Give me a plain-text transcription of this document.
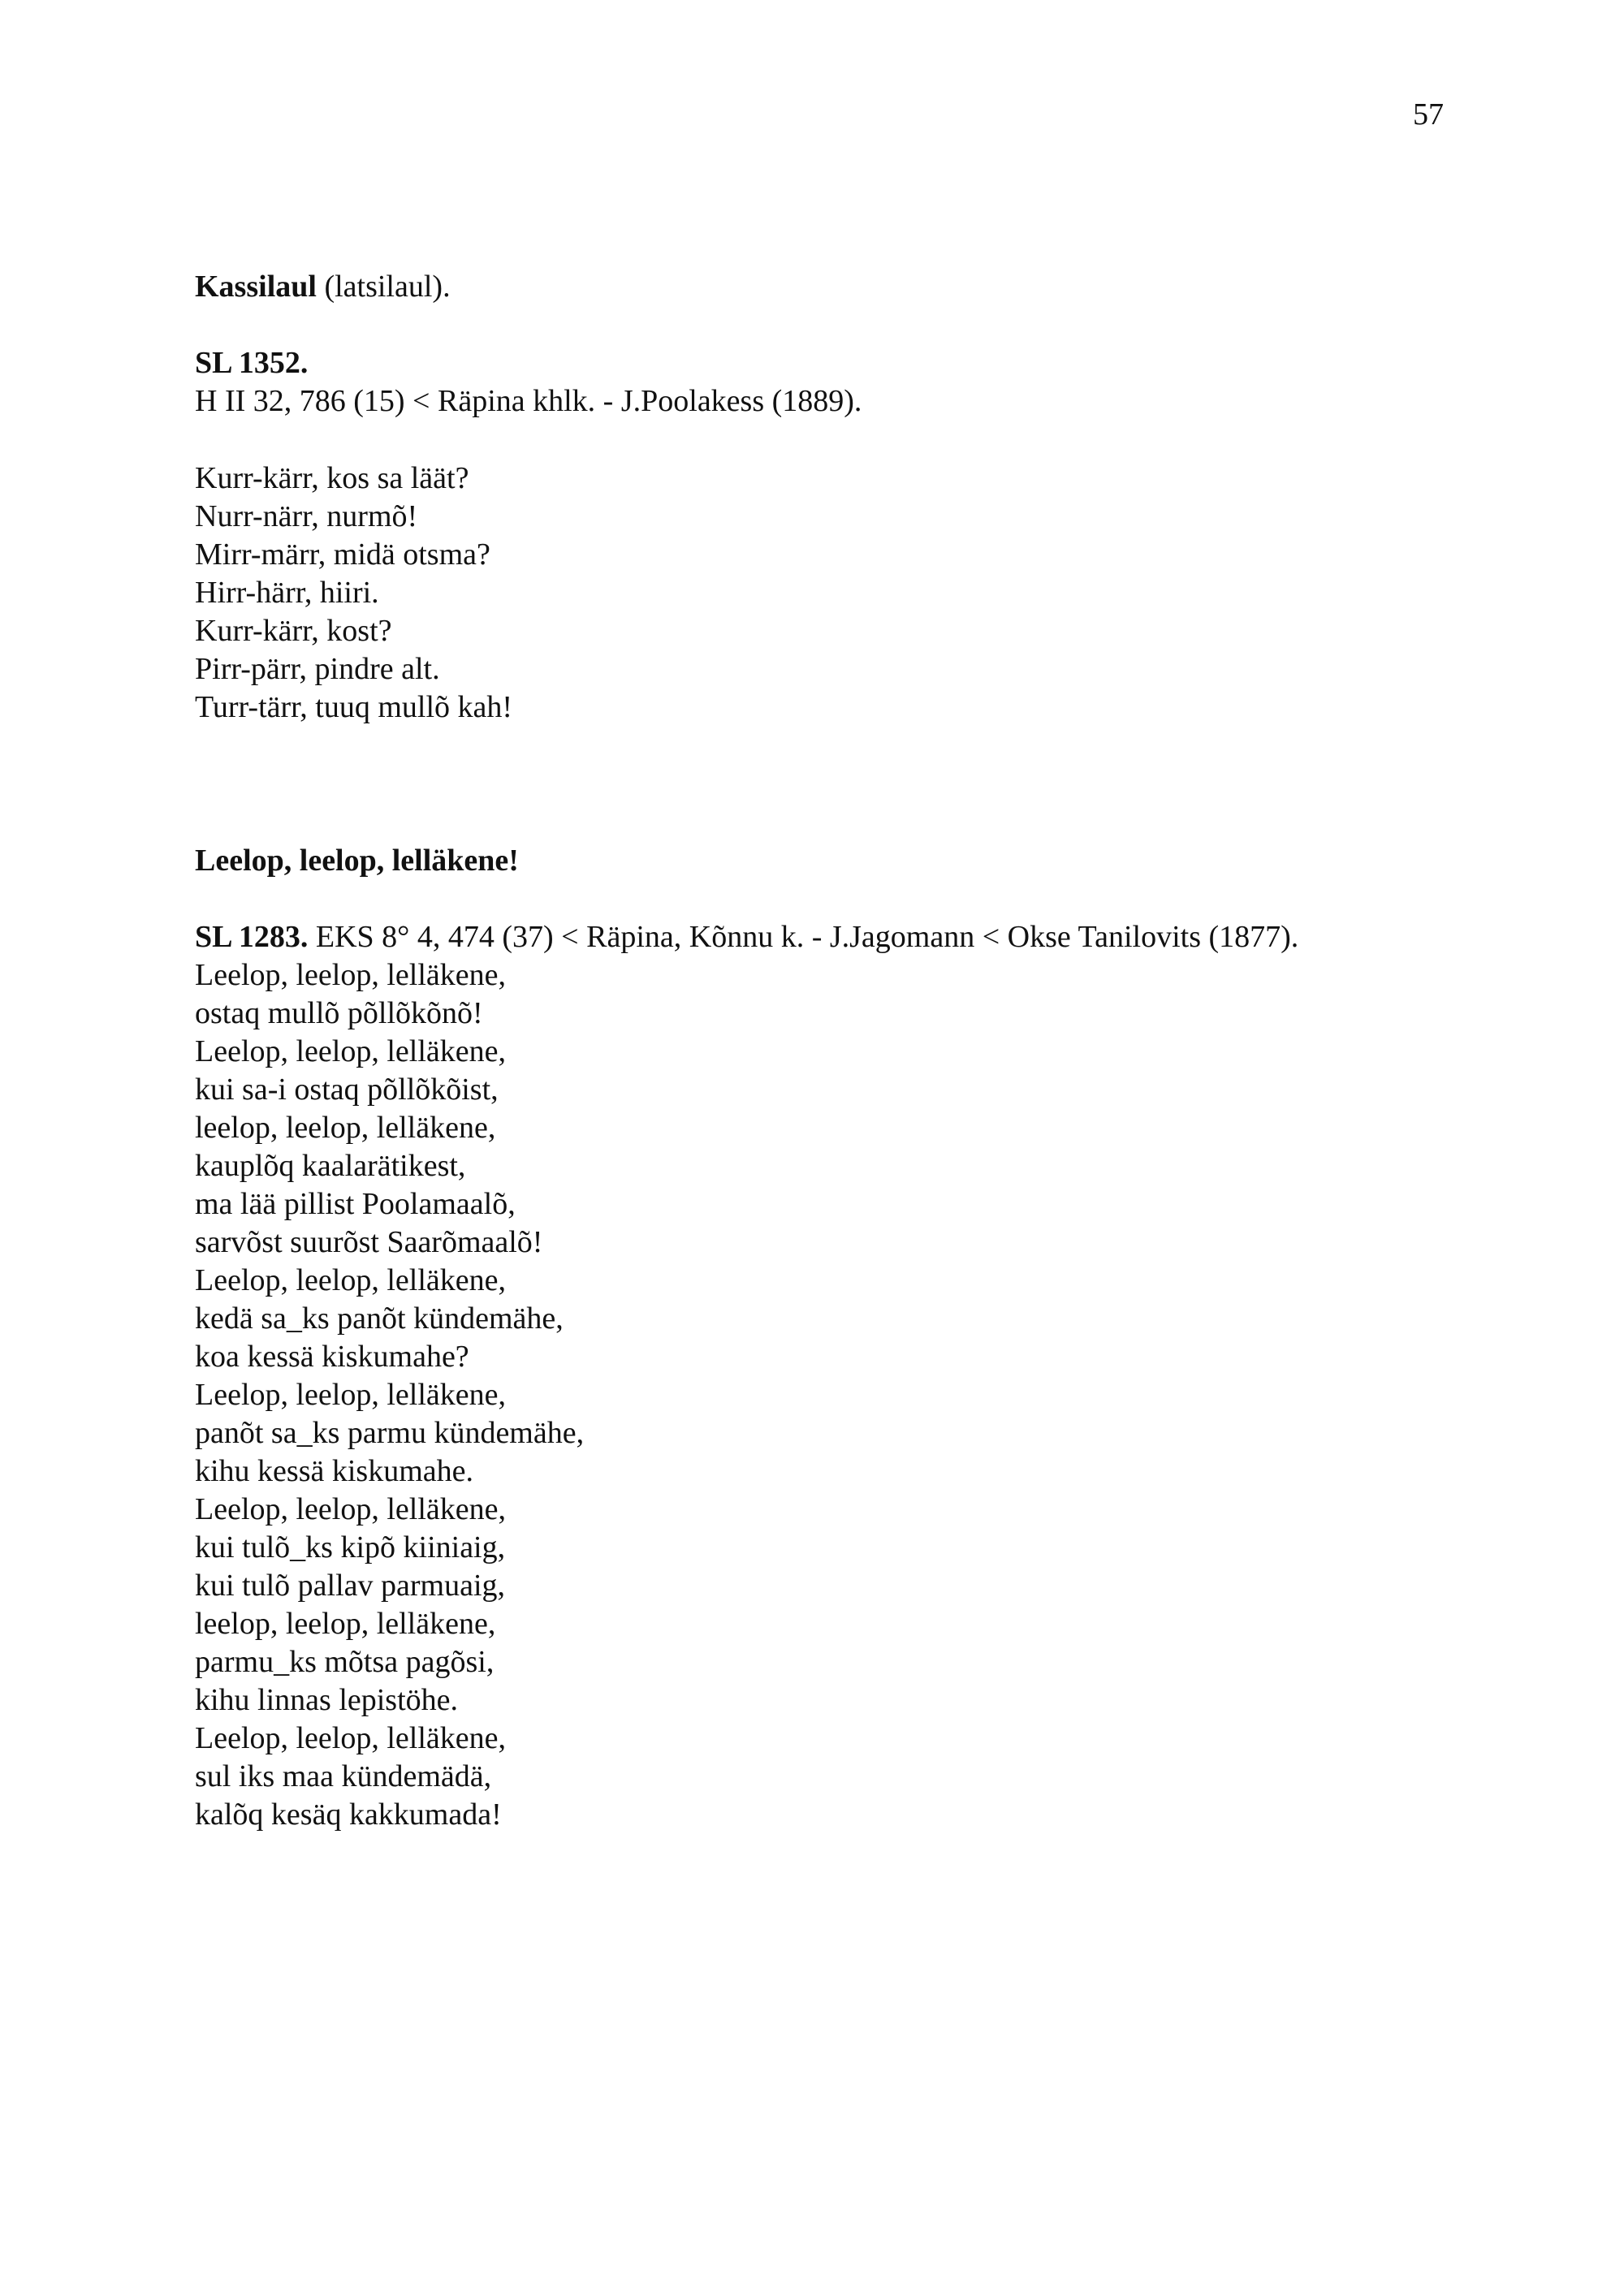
57
Kassilaul (latsilaul).
SL 1352.
H II 32, 786 (15) < Räpina khlk. - J.Poolakess (1889).
Kurr-kärr, kos sa läät?
Nurr-närr, nurmõ!
Mirr-märr, midä otsma?
Hirr-härr, hiiri.
Kurr-kärr, kost?
Pirr-pärr, pindre alt.
Turr-tärr, tuuq mullõ kah!
Leelop, leelop, lelläkene!
SL 1283. EKS 8° 4, 474 (37) < Räpina, Kõnnu k. - J.Jagomann < Okse Tanilovits (1877).
Leelop, leelop, lelläkene,
ostaq mullõ põllõkõnõ!
Leelop, leelop, lelläkene,
kui sa-i ostaq põllõkõist,
leelop, leelop, lelläkene,
kauplõq kaalarätikest,
ma lää pillist Poolamaalõ,
sarvõst suurõst Saarõmaalõ!
Leelop, leelop, lelläkene,
kedä sa_ks panõt kündemähe,
koa kessä kiskumahe?
Leelop, leelop, lelläkene,
panõt sa_ks parmu kündemähe,
kihu kessä kiskumahe.
Leelop, leelop, lelläkene,
kui tulõ_ks kipõ kiiniaig,
kui tulõ pallav parmuaig,
leelop, leelop, lelläkene,
parmu_ks mõtsa pagõsi,
kihu linnas lepistöhe.
Leelop, leelop, lelläkene,
sul iks maa kündemädä,
kalõq kesäq kakkumada!
